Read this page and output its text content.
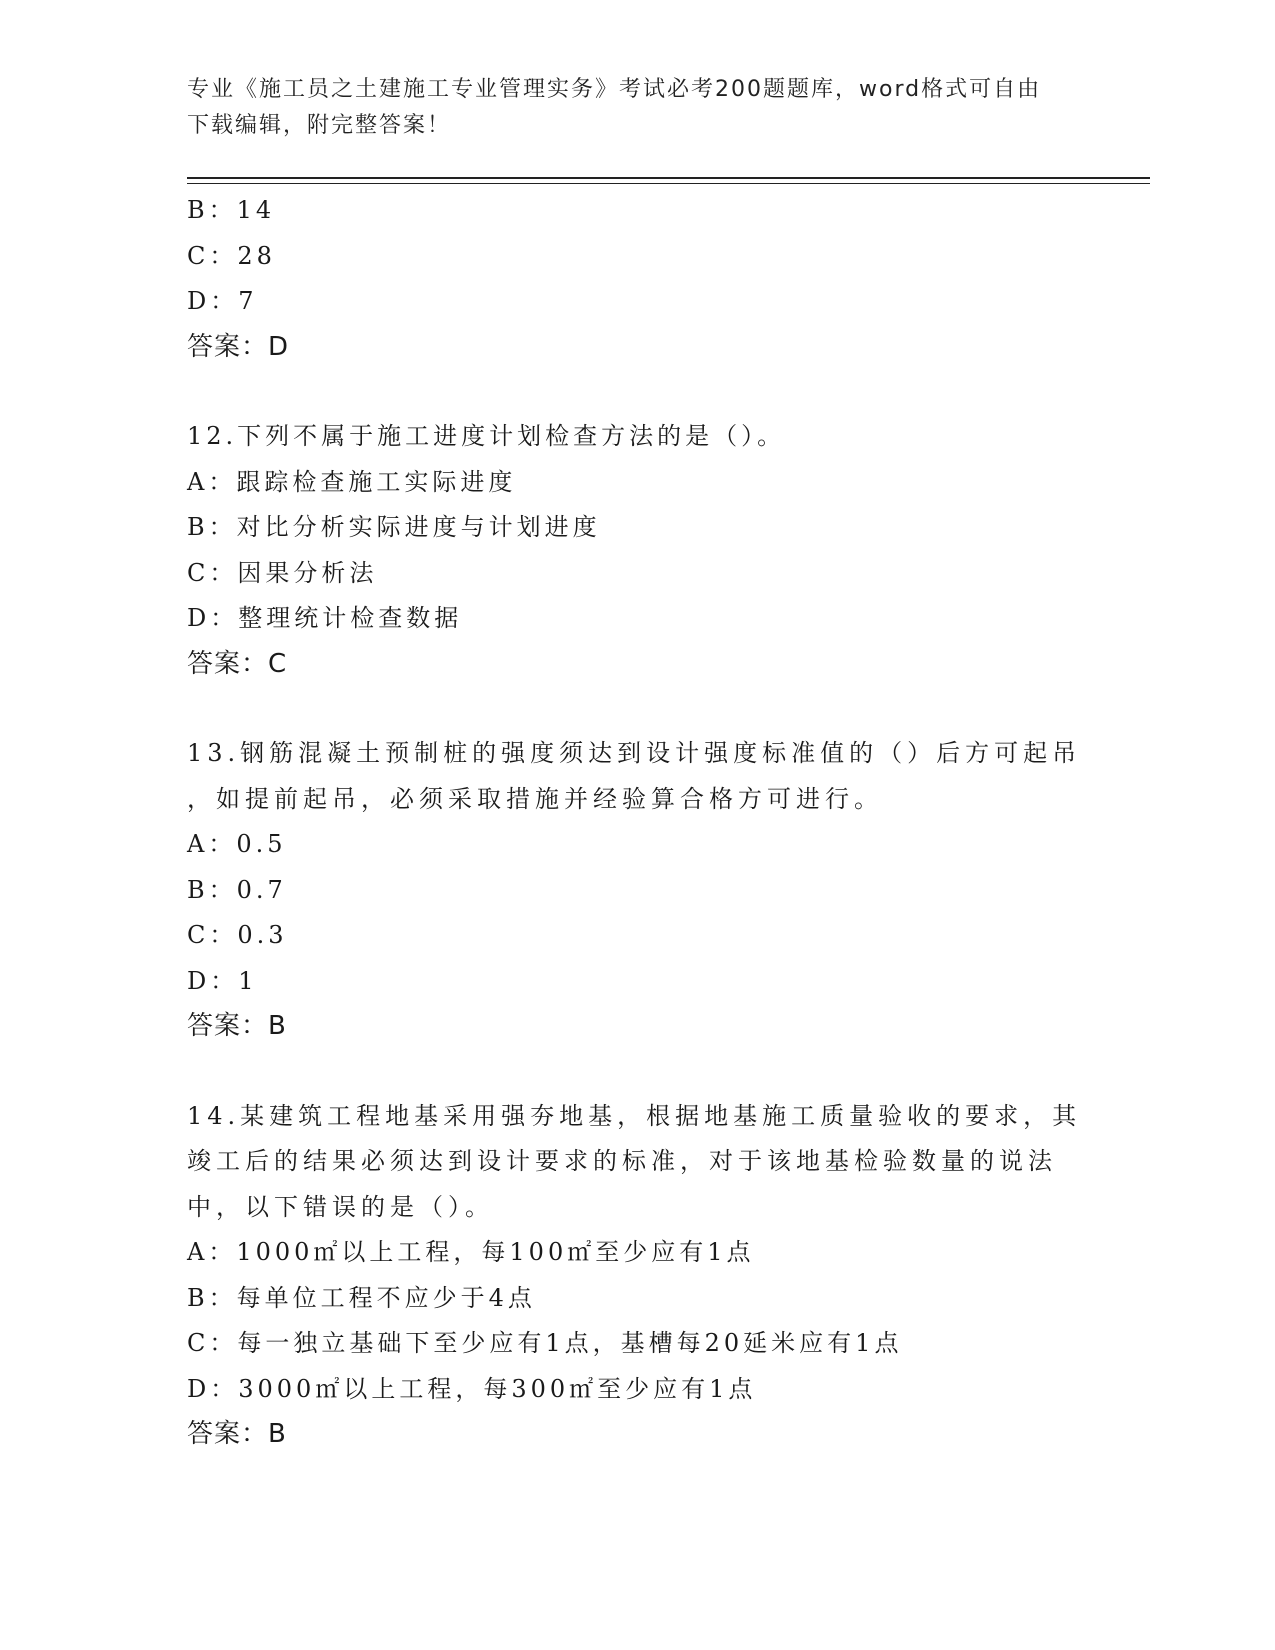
专业《施工员之土建施工专业管理实务》考试必考200题题库，word格式可自由
下载编辑，附完整答案！
B：14
C：28
D：7
答案：D
12.下列不属于施工进度计划检查方法的是（）。
A：跟踪检查施工实际进度
B：对比分析实际进度与计划进度
C：因果分析法
D：整理统计检查数据
答案：C
13.钢筋混凝土预制桩的强度须达到设计强度标准值的（）后方可起吊
，如提前起吊，必须采取措施并经验算合格方可进行。
A：0.5
B：0.7
C：0.3
D：1
答案：B
14.某建筑工程地基采用强夯地基，根据地基施工质量验收的要求，其
竣工后的结果必须达到设计要求的标准，对于该地基检验数量的说法
中，以下错误的是（）。
A：1000㎡以上工程，每100㎡至少应有1点
B：每单位工程不应少于4点
C：每一独立基础下至少应有1点，基槽每20延米应有1点
D：3000㎡以上工程，每300㎡至少应有1点
答案：B
